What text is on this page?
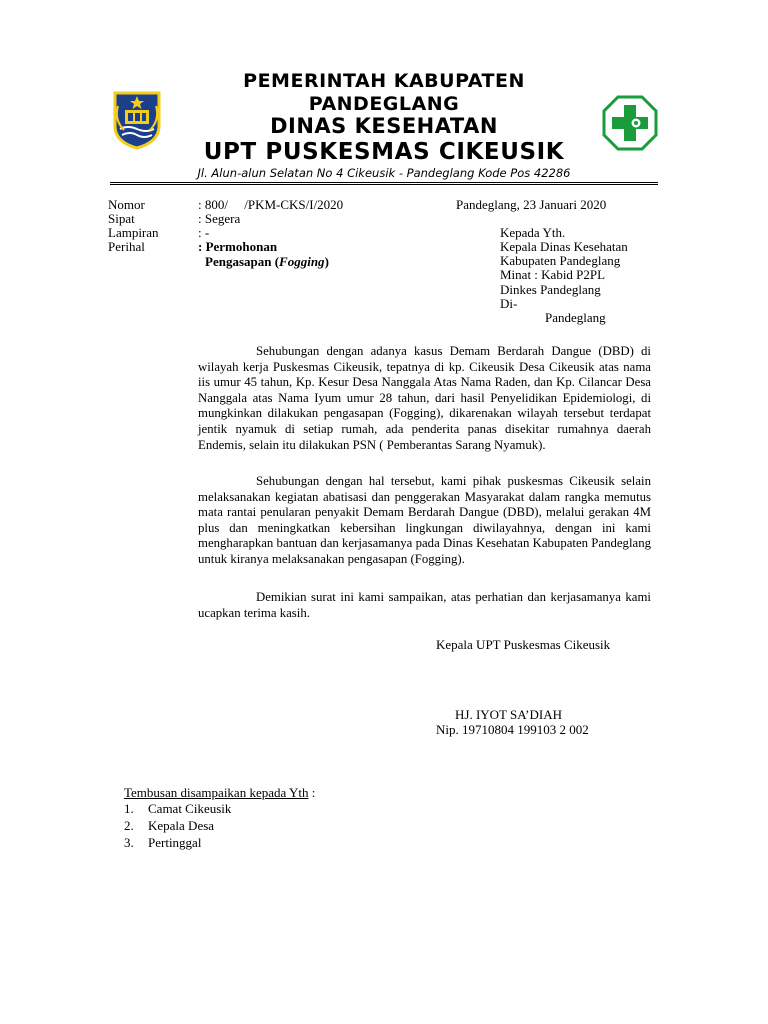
PEMERINTAH KABUPATEN
PANDEGLANG
DINAS KESEHATAN
UPT PUSKESMAS CIKEUSIK
Jl. Alun-alun Selatan No 4 Cikeusik - Pandeglang Kode Pos 42286
Nomor	: 800/     /PKM-CKS/I/2020
Sipat	: Segera
Lampiran	: -
Perihal	: Permohonan
Pengasapan (Fogging)
Pandeglang, 23 Januari 2020
Kepada Yth.
Kepala Dinas Kesehatan
Kabupaten Pandeglang
Minat : Kabid P2PL
Dinkes Pandeglang
Di-
Pandeglang
Sehubungan dengan adanya kasus Demam Berdarah Dangue (DBD) di wilayah kerja Puskesmas Cikeusik, tepatnya di kp. Cikeusik Desa Cikeusik atas nama iis umur 45 tahun, Kp. Kesur Desa Nanggala Atas Nama Raden, dan Kp. Cilancar Desa Nanggala atas Nama Iyum umur 28 tahun, dari hasil Penyelidikan Epidemiologi, di mungkinkan dilakukan pengasapan (Fogging), dikarenakan wilayah tersebut terdapat jentik nyamuk di setiap rumah, ada penderita panas disekitar rumahnya daerah Endemis, selain itu dilakukan PSN ( Pemberantas Sarang Nyamuk).
Sehubungan dengan hal tersebut, kami pihak puskesmas Cikeusik selain melaksanakan kegiatan abatisasi dan penggerakan Masyarakat dalam rangka memutus mata rantai penularan penyakit Demam Berdarah Dangue (DBD), melalui gerakan 4M plus dan meningkatkan kebersihan lingkungan diwilayahnya, dengan ini kami mengharapkan bantuan dan kerjasamanya pada Dinas Kesehatan Kabupaten Pandeglang untuk kiranya melaksanakan pengasapan (Fogging).
Demikian surat ini kami sampaikan, atas perhatian dan kerjasamanya kami ucapkan terima kasih.
Kepala UPT Puskesmas Cikeusik
HJ. IYOT SA’DIAH
Nip. 19710804 199103 2 002
Tembusan disampaikan kepada Yth :
1. Camat Cikeusik
2. Kepala Desa
3. Pertinggal
